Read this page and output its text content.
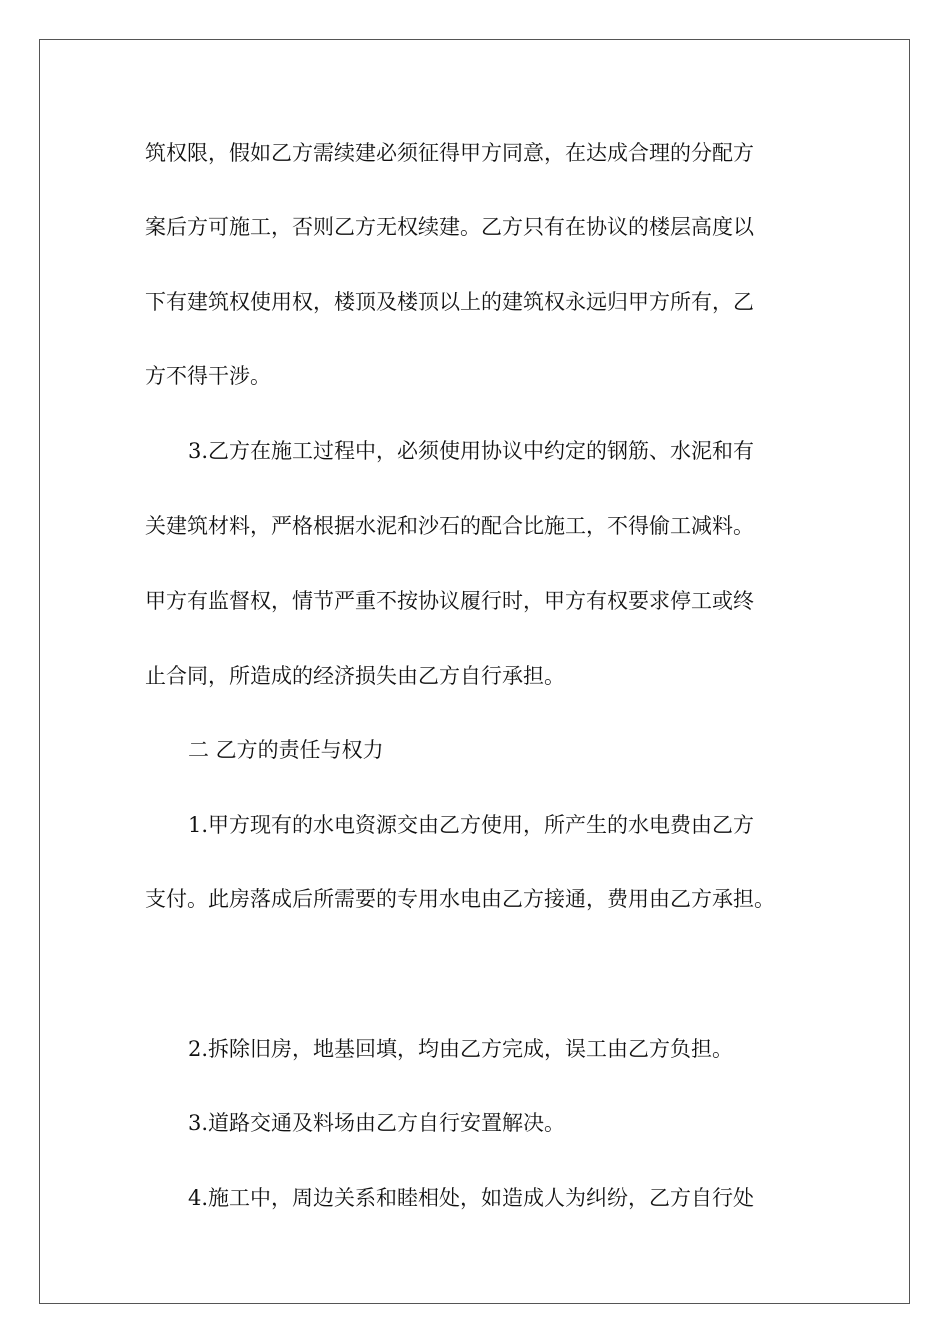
筑权限，假如乙方需续建必须征得甲方同意，在达成合理的分配方
案后方可施工，否则乙方无权续建。乙方只有在协议的楼层高度以
下有建筑权使用权，楼顶及楼顶以上的建筑权永远归甲方所有，乙
方不得干涉。
3.乙方在施工过程中，必须使用协议中约定的钢筋、水泥和有
关建筑材料，严格根据水泥和沙石的配合比施工，不得偷工减料。
甲方有监督权，情节严重不按协议履行时，甲方有权要求停工或终
止合同，所造成的经济损失由乙方自行承担。
二 乙方的责任与权力
1.甲方现有的水电资源交由乙方使用，所产生的水电费由乙方
支付。此房落成后所需要的专用水电由乙方接通，费用由乙方承担。
2.拆除旧房，地基回填，均由乙方完成，误工由乙方负担。
3.道路交通及料场由乙方自行安置解决。
4.施工中，周边关系和睦相处，如造成人为纠纷，乙方自行处
